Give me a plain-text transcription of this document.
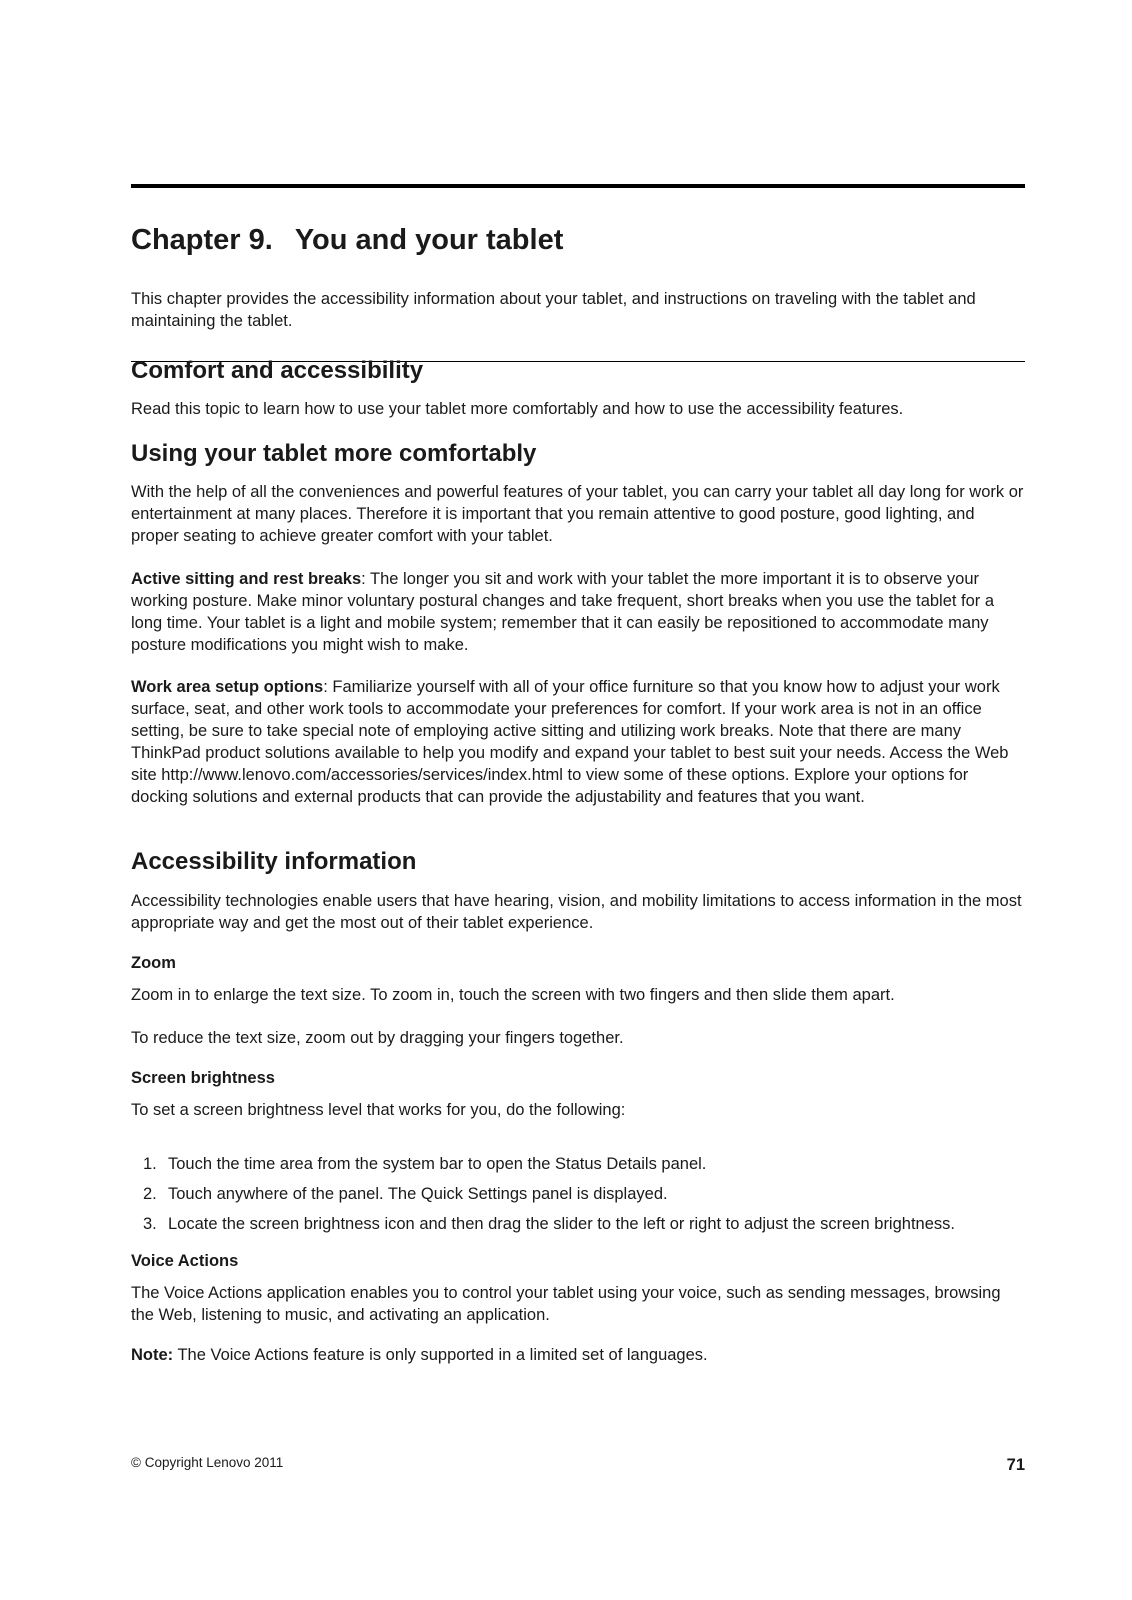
Chapter 9. You and your tablet

This chapter provides the accessibility information about your tablet, and instructions on traveling with the tablet and maintaining the tablet.

Comfort and accessibility

Read this topic to learn how to use your tablet more comfortably and how to use the accessibility features.

Using your tablet more comfortably

With the help of all the conveniences and powerful features of your tablet, you can carry your tablet all day long for work or entertainment at many places. Therefore it is important that you remain attentive to good posture, good lighting, and proper seating to achieve greater comfort with your tablet.

Active sitting and rest breaks: The longer you sit and work with your tablet the more important it is to observe your working posture. Make minor voluntary postural changes and take frequent, short breaks when you use the tablet for a long time. Your tablet is a light and mobile system; remember that it can easily be repositioned to accommodate many posture modifications you might wish to make.

Work area setup options: Familiarize yourself with all of your office furniture so that you know how to adjust your work surface, seat, and other work tools to accommodate your preferences for comfort. If your work area is not in an office setting, be sure to take special note of employing active sitting and utilizing work breaks. Note that there are many ThinkPad product solutions available to help you modify and expand your tablet to best suit your needs. Access the Web site http://www.lenovo.com/accessories/services/index.html to view some of these options. Explore your options for docking solutions and external products that can provide the adjustability and features that you want.

Accessibility information

Accessibility technologies enable users that have hearing, vision, and mobility limitations to access information in the most appropriate way and get the most out of their tablet experience.

Zoom

Zoom in to enlarge the text size. To zoom in, touch the screen with two fingers and then slide them apart.

To reduce the text size, zoom out by dragging your fingers together.

Screen brightness

To set a screen brightness level that works for you, do the following:

1. Touch the time area from the system bar to open the Status Details panel.
2. Touch anywhere of the panel. The Quick Settings panel is displayed.
3. Locate the screen brightness icon and then drag the slider to the left or right to adjust the screen brightness.
Voice Actions

The Voice Actions application enables you to control your tablet using your voice, such as sending messages, browsing the Web, listening to music, and activating an application.

Note: The Voice Actions feature is only supported in a limited set of languages.

© Copyright Lenovo 2011	71
